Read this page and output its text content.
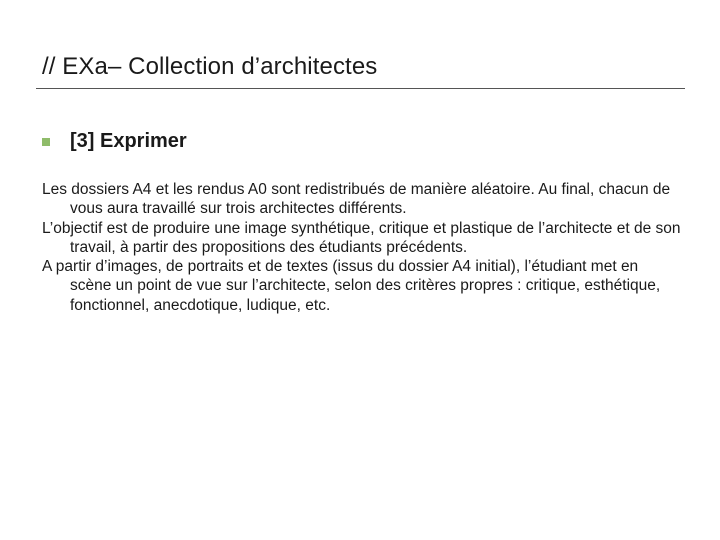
// EXa– Collection d’architectes
[3] Exprimer

Les dossiers A4 et les rendus A0 sont redistribués de manière aléatoire. Au final, chacun de vous aura travaillé sur trois architectes différents.

L’objectif est de produire une image synthétique, critique et plastique de l’architecte et de son travail, à partir des propositions des étudiants précédents.

A partir d’images, de portraits et de textes (issus du dossier A4 initial), l’étudiant met en scène un point de vue sur l’architecte, selon des critères propres : critique, esthétique, fonctionnel, anecdotique, ludique, etc.
